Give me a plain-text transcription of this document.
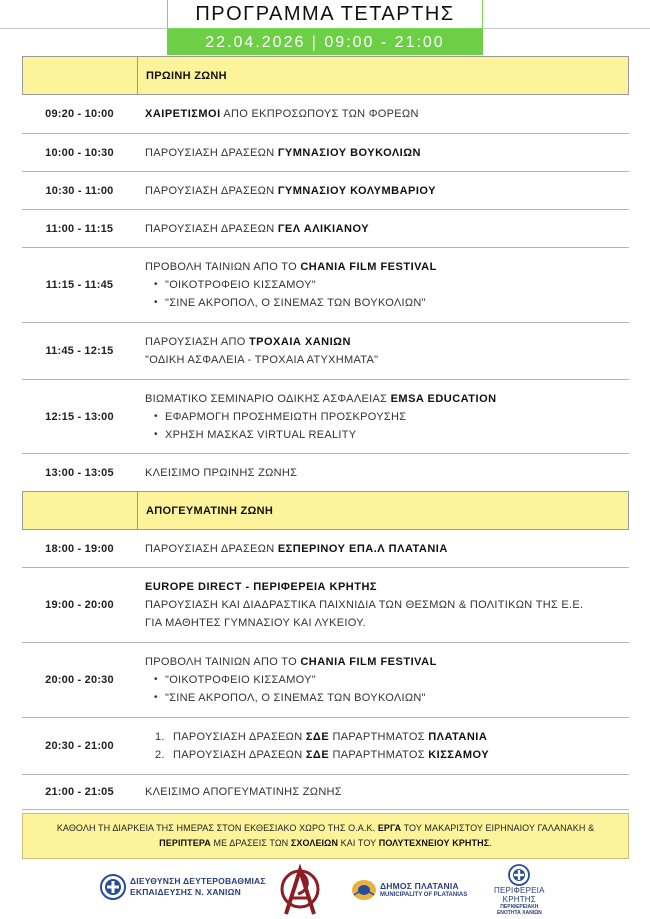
ΠΡΟΓΡΑΜΜΑ ΤΕΤΑΡΤΗΣ
22.04.2026 | 09:00 - 21:00
ΠΡΩΙΝΗ ΖΩΝΗ
09:20 - 10:00	ΧΑΙΡΕΤΙΣΜΟΙ ΑΠΟ ΕΚΠΡΟΣΩΠΟΥΣ ΤΩΝ ΦΟΡΕΩΝ
10:00 - 10:30	ΠΑΡΟΥΣΙΑΣΗ ΔΡΑΣΕΩΝ ΓΥΜΝΑΣΙΟΥ ΒΟΥΚΟΛΙΩΝ
10:30 - 11:00	ΠΑΡΟΥΣΙΑΣΗ ΔΡΑΣΕΩΝ ΓΥΜΝΑΣΙΟΥ ΚΟΛΥΜΒΑΡΙΟΥ
11:00 - 11:15	ΠΑΡΟΥΣΙΑΣΗ ΔΡΑΣΕΩΝ ΓΕΛ ΑΛΙΚΙΑΝΟΥ
11:15 - 11:45
ΠΡΟΒΟΛΗ ΤΑΙΝΙΩΝ ΑΠΟ ΤΟ CHANIA FILM FESTIVAL
• "ΟΙΚΟΤΡΟΦΕΙΟ ΚΙΣΣΑΜΟΥ"
• "ΣΙΝΕ ΑΚΡΟΠΟΛ, Ο ΣΙΝΕΜΑΣ ΤΩΝ ΒΟΥΚΟΛΙΩΝ"
11:45 - 12:15
ΠΑΡΟΥΣΙΑΣΗ ΑΠΟ ΤΡΟΧΑΙΑ ΧΑΝΙΩΝ
"ΟΔΙΚΗ ΑΣΦΑΛΕΙΑ - ΤΡΟΧΑΙΑ ΑΤΥΧΗΜΑΤΑ"
12:15 - 13:00
ΒΙΩΜΑΤΙΚΟ ΣΕΜΙΝΑΡΙΟ ΟΔΙΚΗΣ ΑΣΦΑΛΕΙΑΣ EMSA EDUCATION
• ΕΦΑΡΜΟΓΗ ΠΡΟΣΗΜΕΙΩΤΗ ΠΡΟΣΚΡΟΥΣΗΣ
• ΧΡΗΣΗ ΜΑΣΚΑΣ VIRTUAL REALITY
13:00 - 13:05	ΚΛΕΙΣΙΜΟ ΠΡΩΙΝΗΣ ΖΩΝΗΣ
ΑΠΟΓΕΥΜΑΤΙΝΗ ΖΩΝΗ
18:00 - 19:00	ΠΑΡΟΥΣΙΑΣΗ ΔΡΑΣΕΩΝ ΕΣΠΕΡΙΝΟΥ ΕΠΑ.Λ ΠΛΑΤΑΝΙΑ
19:00 - 20:00
EUROPE DIRECT - ΠΕΡΙΦΕΡΕΙΑ ΚΡΗΤΗΣ
ΠΑΡΟΥΣΙΑΣΗ ΚΑΙ ΔΙΑΔΡΑΣΤΙΚΑ ΠΑΙΧΝΙΔΙΑ ΤΩΝ ΘΕΣΜΩΝ & ΠΟΛΙΤΙΚΩΝ ΤΗΣ Ε.Ε.
ΓΙΑ ΜΑΘΗΤΕΣ ΓΥΜΝΑΣΙΟΥ ΚΑΙ ΛΥΚΕΙΟΥ.
20:00 - 20:30
ΠΡΟΒΟΛΗ ΤΑΙΝΙΩΝ ΑΠΟ ΤΟ CHANIA FILM FESTIVAL
• "ΟΙΚΟΤΡΟΦΕΙΟ ΚΙΣΣΑΜΟΥ"
• "ΣΙΝΕ ΑΚΡΟΠΟΛ, Ο ΣΙΝΕΜΑΣ ΤΩΝ ΒΟΥΚΟΛΙΩΝ"
20:30 - 21:00
1. ΠΑΡΟΥΣΙΑΣΗ ΔΡΑΣΕΩΝ ΣΔΕ ΠΑΡΑΡΤΗΜΑΤΟΣ ΠΛΑΤΑΝΙΑ
2. ΠΑΡΟΥΣΙΑΣΗ ΔΡΑΣΕΩΝ ΣΔΕ ΠΑΡΑΡΤΗΜΑΤΟΣ ΚΙΣΣΑΜΟΥ
21:00 - 21:05	ΚΛΕΙΣΙΜΟ ΑΠΟΓΕΥΜΑΤΙΝΗΣ ΖΩΝΗΣ
ΚΑΘΟΛΗ ΤΗ ΔΙΑΡΚΕΙΑ ΤΗΣ ΗΜΕΡΑΣ ΣΤΟΝ ΕΚΘΕΣΙΑΚΟ ΧΩΡΟ ΤΗΣ Ο.Α.Κ. ΕΡΓΑ ΤΟΥ ΜΑΚΑΡΙΣΤΟΥ ΕΙΡΗΝΑΙΟΥ ΓΑΛΑΝΑΚΗ &
ΠΕΡΙΠΤΕΡΑ ΜΕ ΔΡΑΣΕΙΣ ΤΩΝ ΣΧΟΛΕΙΩΝ ΚΑΙ ΤΟΥ ΠΟΛΥΤΕΧΝΕΙΟΥ ΚΡΗΤΗΣ.
ΔΙΕΥΘΥΝΣΗ ΔΕΥΤΕΡΟΒΑΘΜΙΑΣ
ΕΚΠΑΙΔΕΥΣΗΣ Ν. ΧΑΝΙΩΝ
ΔΗΜΟΣ ΠΛΑΤΑΝΙΑ
MUNICIPALITY OF PLATANIAS	ΠΕΡΙΦΕΡΕΙΑ
ΚΡΗΤΗΣ
ΠΕΡΙΦΕΡΕΙΑΚΗ
ΕΝΟΤΗΤΑ ΧΑΝΙΩΝ
